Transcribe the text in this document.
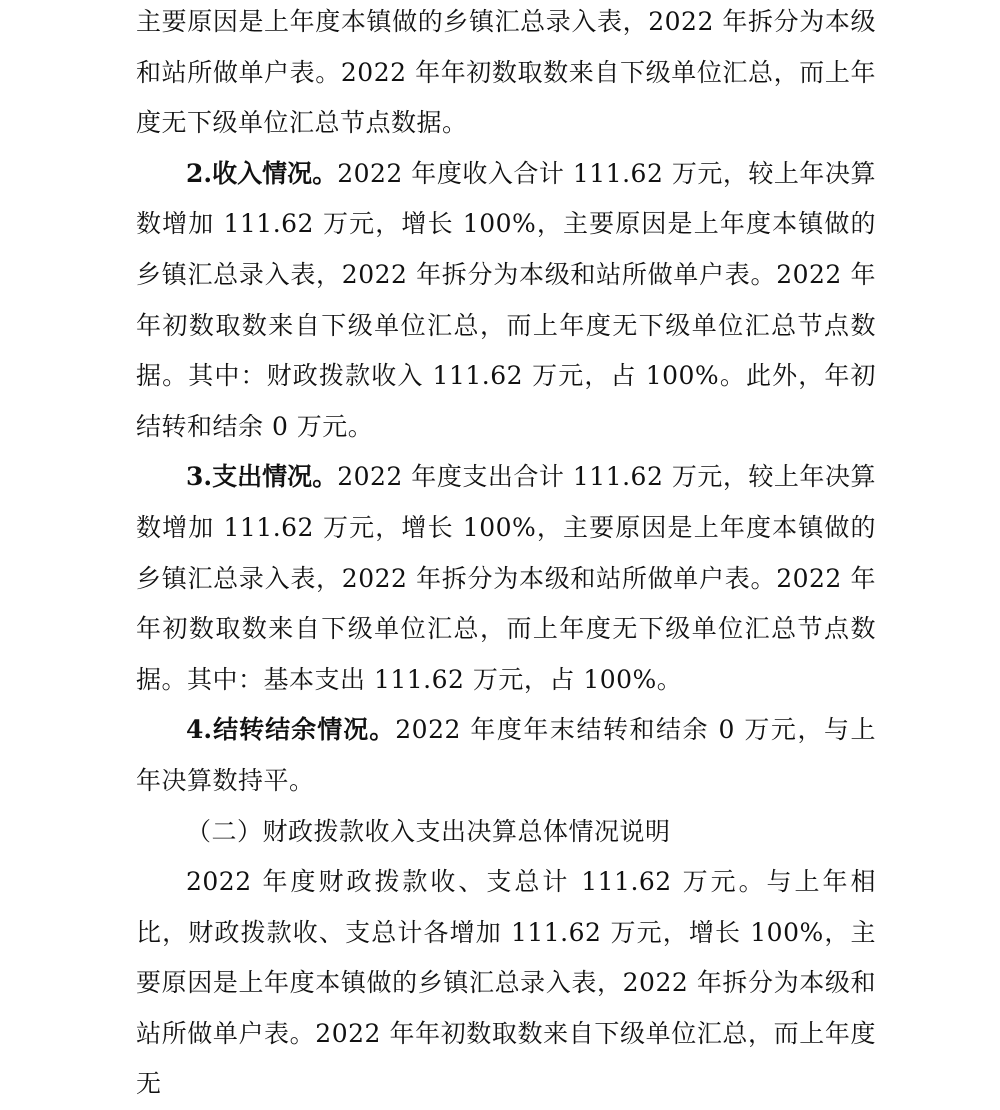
主要原因是上年度本镇做的乡镇汇总录入表，2022 年拆分为本级和站所做单户表。2022 年年初数取数来自下级单位汇总，而上年度无下级单位汇总节点数据。

2.收入情况。2022 年度收入合计 111.62 万元，较上年决算数增加 111.62 万元，增长 100%，主要原因是上年度本镇做的乡镇汇总录入表，2022 年拆分为本级和站所做单户表。2022 年年初数取数来自下级单位汇总，而上年度无下级单位汇总节点数据。其中：财政拨款收入 111.62 万元，占 100%。此外，年初结转和结余 0 万元。

3.支出情况。2022 年度支出合计 111.62 万元，较上年决算数增加 111.62 万元，增长 100%，主要原因是上年度本镇做的乡镇汇总录入表，2022 年拆分为本级和站所做单户表。2022 年年初数取数来自下级单位汇总，而上年度无下级单位汇总节点数据。其中：基本支出 111.62 万元，占 100%。

4.结转结余情况。2022 年度年末结转和结余 0 万元，与上年决算数持平。

（二）财政拨款收入支出决算总体情况说明

2022 年度财政拨款收、支总计 111.62 万元。与上年相比，财政拨款收、支总计各增加 111.62 万元，增长 100%，主要原因是上年度本镇做的乡镇汇总录入表，2022 年拆分为本级和站所做单户表。2022 年年初数取数来自下级单位汇总，而上年度无
